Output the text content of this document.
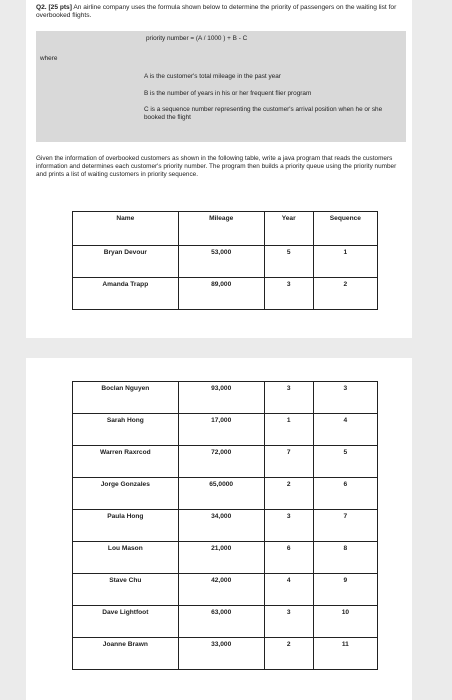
Q2. [25 pts] An airline company uses the formula shown below to determine the priority of passengers on the waiting list for overbooked flights.

priority number = (A / 1000 ) + B - C

where

A is the customer's total mileage in the past year

B is the number of years in his or her frequent flier program

C is a sequence number representing the customer's arrival position when he or she booked the flight

Given the information of overbooked customers as shown in the following table, write a java program that reads the customers information and determines each customer's priority number. The program then builds a priority queue using the priority number and prints a list of waiting customers in priority sequence.

Name	Mileage	Year	Sequence
Bryan Devour	53,000	5	1
Amanda Trapp	89,000	3	2
Boclan Nguyen	93,000	3	3
Sarah Hong	17,000	1	4
Warren Raxrcod	72,000	7	5
Jorge Gonzales	65,0000	2	6
Paula Hong	34,000	3	7
Lou Mason	21,000	6	8
Stave Chu	42,000	4	9
Dave Lightfoot	63,000	3	10
Joanne Brawn	33,000	2	11
